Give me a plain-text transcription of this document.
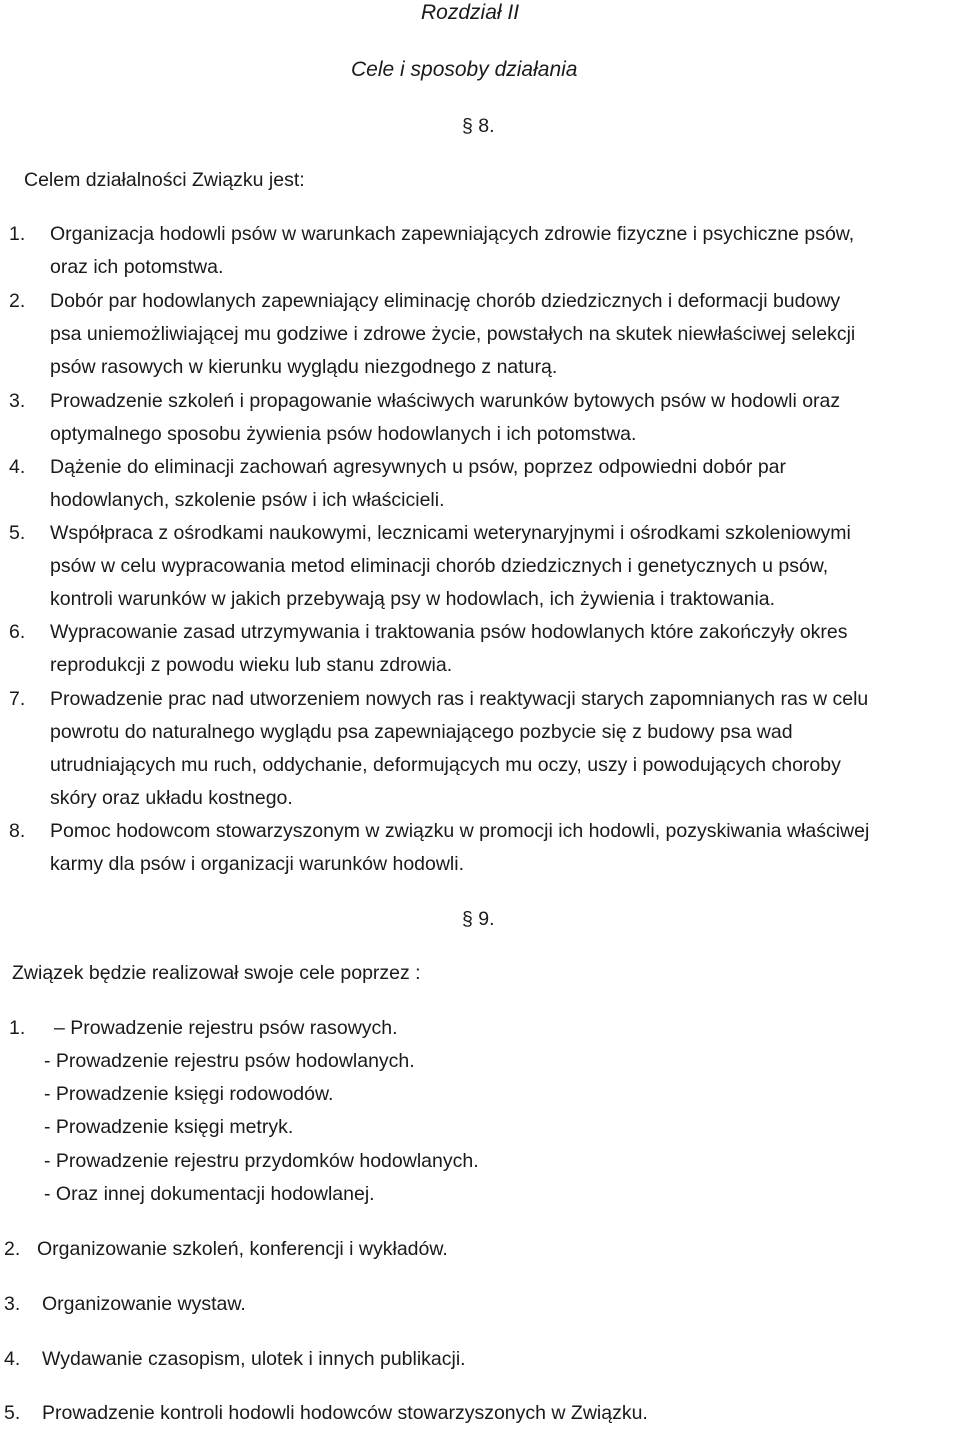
Rozdział II
Cele i sposoby działania
§ 8.
Celem działalności Związku jest:
1. Organizacja hodowli psów w warunkach zapewniających zdrowie fizyczne i psychiczne psów,
oraz ich potomstwa.
2. Dobór par hodowlanych zapewniający eliminację chorób dziedzicznych i deformacji budowy
psa uniemożliwiającej mu godziwe i zdrowe życie, powstałych na skutek niewłaściwej selekcji
psów rasowych w kierunku wyglądu niezgodnego z naturą.
3. Prowadzenie szkoleń i propagowanie właściwych warunków bytowych psów w hodowli oraz
optymalnego sposobu żywienia psów hodowlanych i ich potomstwa.
4. Dążenie do eliminacji zachowań agresywnych u psów, poprzez odpowiedni dobór par
hodowlanych, szkolenie psów i ich właścicieli.
5. Współpraca z ośrodkami naukowymi, lecznicami weterynaryjnymi i ośrodkami szkoleniowymi
psów w celu wypracowania metod eliminacji chorób dziedzicznych i genetycznych u psów,
kontroli warunków w jakich przebywają psy w hodowlach, ich żywienia i traktowania.
6. Wypracowanie zasad utrzymywania i traktowania psów hodowlanych które zakończyły okres
reprodukcji z powodu wieku lub stanu zdrowia.
7. Prowadzenie prac nad utworzeniem nowych ras i reaktywacji starych zapomnianych ras w celu
powrotu do naturalnego wyglądu psa zapewniającego pozbycie się z budowy psa wad
utrudniających mu ruch, oddychanie, deformujących mu oczy, uszy i powodujących choroby
skóry oraz układu kostnego.
8. Pomoc hodowcom stowarzyszonym w związku w promocji ich hodowli, pozyskiwania właściwej
karmy dla psów i organizacji warunków hodowli.
§ 9.
Związek będzie realizował swoje cele poprzez :
1. – Prowadzenie rejestru psów rasowych.
- Prowadzenie rejestru psów hodowlanych.
- Prowadzenie księgi rodowodów.
- Prowadzenie księgi metryk.
- Prowadzenie rejestru przydomków hodowlanych.
- Oraz innej dokumentacji hodowlanej.
2. Organizowanie szkoleń, konferencji i wykładów.
3. Organizowanie wystaw.
4. Wydawanie czasopism, ulotek i innych publikacji.
5. Prowadzenie kontroli hodowli hodowców stowarzyszonych w Związku.
